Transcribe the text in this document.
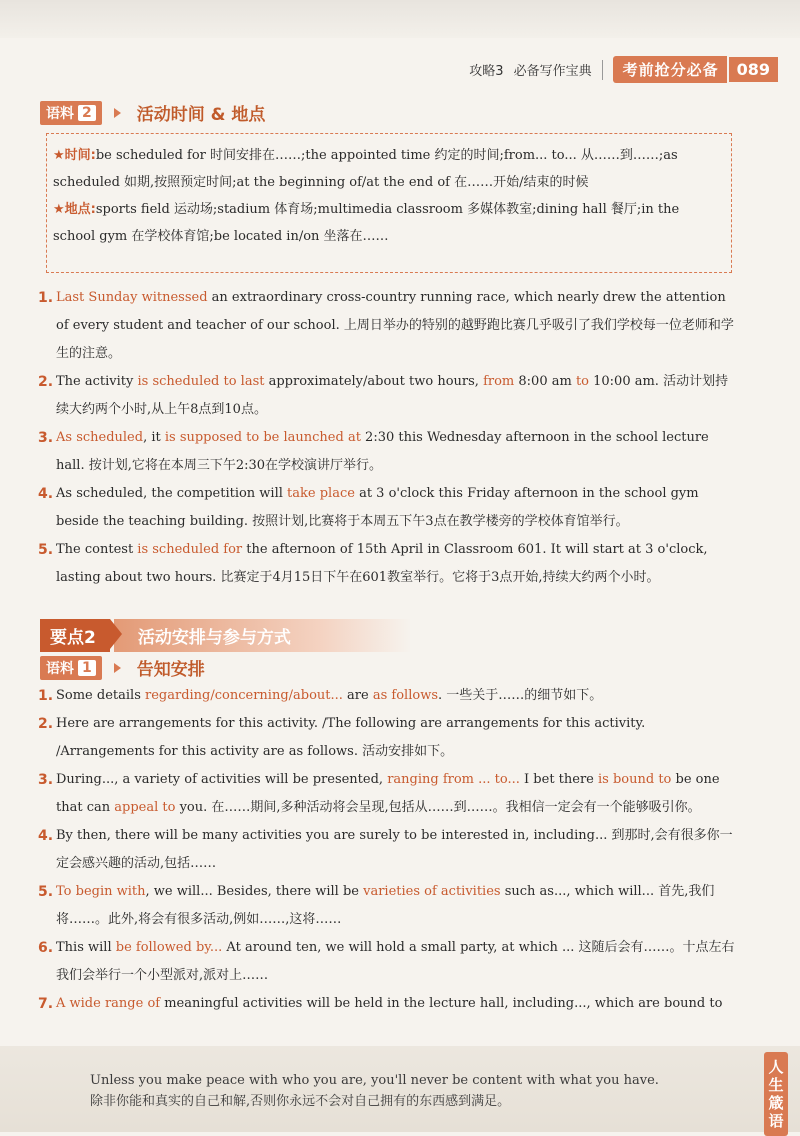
攻略3 必备写作宝典	考前抢分必备	089
语料 2	活动时间 & 地点
★时间:be scheduled for 时间安排在……;the appointed time 约定的时间;from... to... 从……到……;as scheduled 如期,按照预定时间;at the beginning of/at the end of 在……开始/结束的时候
★地点:sports field 运动场;stadium 体育场;multimedia classroom 多媒体教室;dining hall 餐厅;in the school gym 在学校体育馆;be located in/on 坐落在……
1. Last Sunday witnessed an extraordinary cross-country running race, which nearly drew the attention of every student and teacher of our school. 上周日举办的特别的越野跑比赛几乎吸引了我们学校每一位老师和学生的注意。
2. The activity is scheduled to last approximately/about two hours, from 8:00 am to 10:00 am. 活动计划持续大约两个小时,从上午8点到10点。
3. As scheduled, it is supposed to be launched at 2:30 this Wednesday afternoon in the school lecture hall. 按计划,它将在本周三下午2:30在学校演讲厅举行。
4. As scheduled, the competition will take place at 3 o'clock this Friday afternoon in the school gym beside the teaching building. 按照计划,比赛将于本周五下午3点在教学楼旁的学校体育馆举行。
5. The contest is scheduled for the afternoon of 15th April in Classroom 601. It will start at 3 o'clock, lasting about two hours. 比赛定于4月15日下午在601教室举行。它将于3点开始,持续大约两个小时。
要点2	活动安排与参与方式
语料 1	告知安排
1. Some details regarding/concerning/about... are as follows. 一些关于……的细节如下。
2. Here are arrangements for this activity. /The following are arrangements for this activity. /Arrangements for this activity are as follows. 活动安排如下。
3. During..., a variety of activities will be presented, ranging from ... to... I bet there is bound to be one that can appeal to you. 在……期间,多种活动将会呈现,包括从……到……。我相信一定会有一个能够吸引你。
4. By then, there will be many activities you are surely to be interested in, including... 到那时,会有很多你一定会感兴趣的活动,包括……
5. To begin with, we will... Besides, there will be varieties of activities such as..., which will... 首先,我们将……。此外,将会有很多活动,例如……,这将……
6. This will be followed by... At around ten, we will hold a small party, at which ... 这随后会有……。十点左右我们会举行一个小型派对,派对上……
7. A wide range of meaningful activities will be held in the lecture hall, including..., which are bound to
Unless you make peace with who you are, you'll never be content with what you have. 除非你能和真实的自己和解,否则你永远不会对自己拥有的东西感到满足。
人生箴语
